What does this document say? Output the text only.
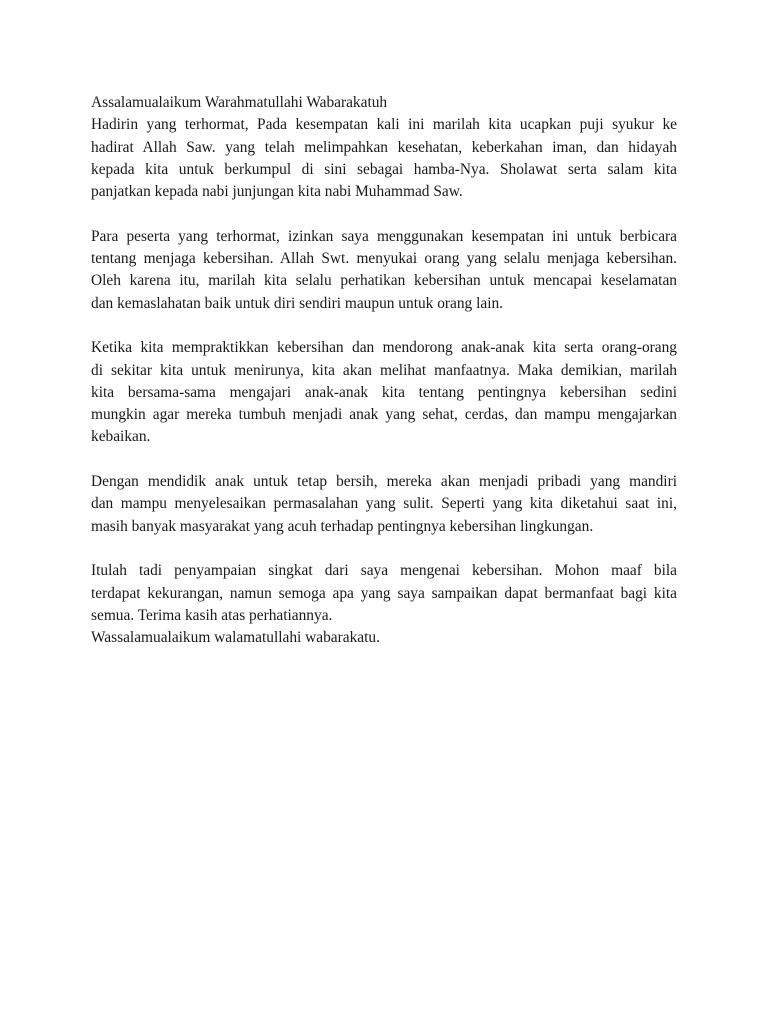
Assalamualaikum Warahmatullahi Wabarakatuh
Hadirin yang terhormat, Pada kesempatan kali ini marilah kita ucapkan puji syukur ke
hadirat Allah Saw. yang telah melimpahkan kesehatan, keberkahan iman, dan hidayah
kepada kita untuk berkumpul di sini sebagai hamba-Nya. Sholawat serta salam kita
panjatkan kepada nabi junjungan kita nabi Muhammad Saw.
Para peserta yang terhormat, izinkan saya menggunakan kesempatan ini untuk berbicara
tentang menjaga kebersihan. Allah Swt. menyukai orang yang selalu menjaga kebersihan.
Oleh karena itu, marilah kita selalu perhatikan kebersihan untuk mencapai keselamatan
dan kemaslahatan baik untuk diri sendiri maupun untuk orang lain.
Ketika kita mempraktikkan kebersihan dan mendorong anak-anak kita serta orang-orang
di sekitar kita untuk menirunya, kita akan melihat manfaatnya. Maka demikian, marilah
kita bersama-sama mengajari anak-anak kita tentang pentingnya kebersihan sedini
mungkin agar mereka tumbuh menjadi anak yang sehat, cerdas, dan mampu mengajarkan
kebaikan.
Dengan mendidik anak untuk tetap bersih, mereka akan menjadi pribadi yang mandiri
dan mampu menyelesaikan permasalahan yang sulit. Seperti yang kita diketahui saat ini,
masih banyak masyarakat yang acuh terhadap pentingnya kebersihan lingkungan.
Itulah tadi penyampaian singkat dari saya mengenai kebersihan. Mohon maaf bila
terdapat kekurangan, namun semoga apa yang saya sampaikan dapat bermanfaat bagi kita
semua. Terima kasih atas perhatiannya.
Wassalamualaikum walamatullahi wabarakatu.
